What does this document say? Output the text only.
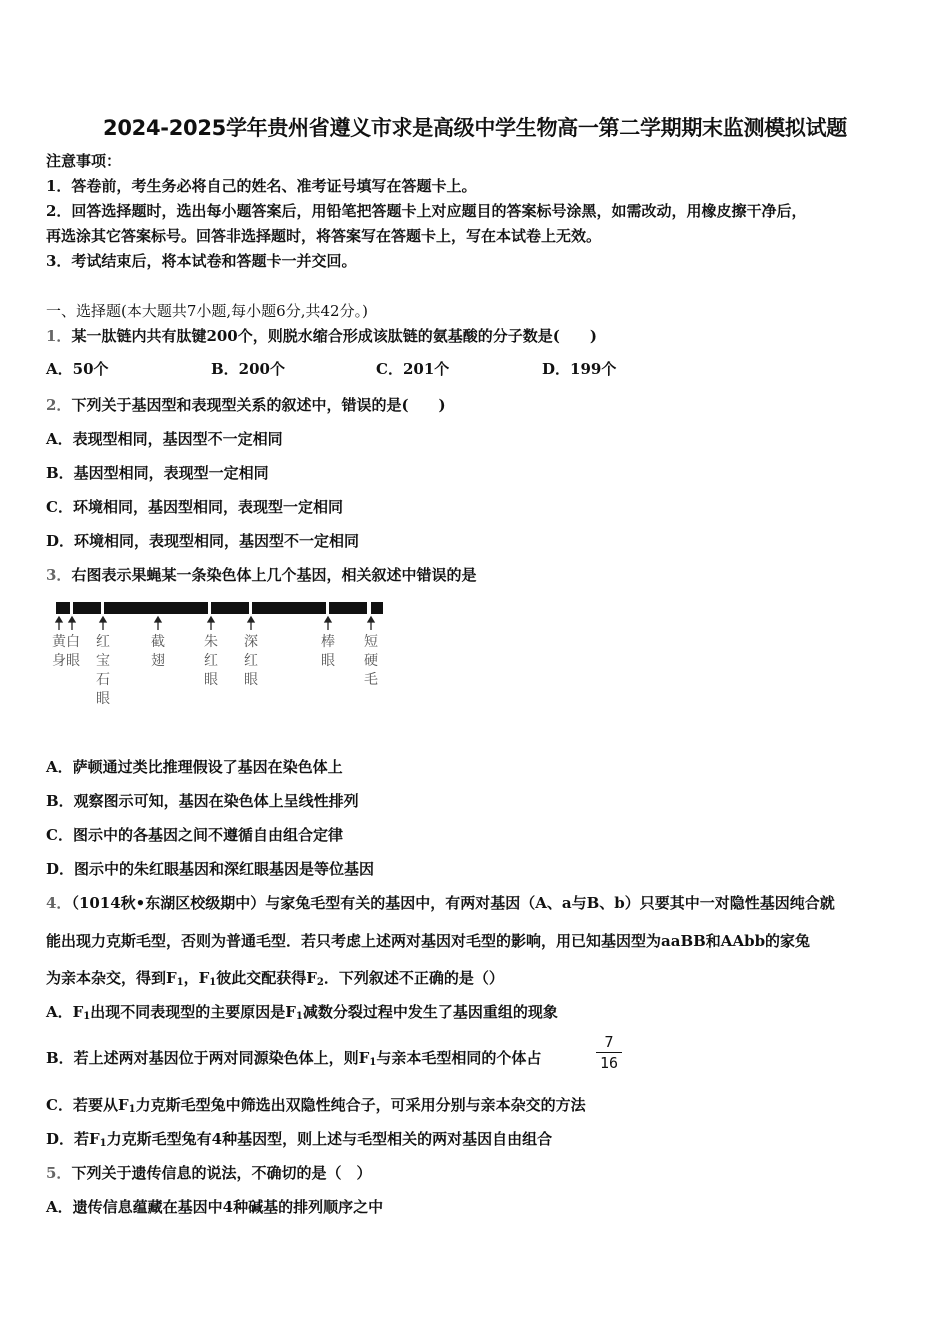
2024-2025学年贵州省遵义市求是高级中学生物高一第二学期期末监测模拟试题
注意事项：
1．答卷前，考生务必将自己的姓名、准考证号填写在答题卡上。
2．回答选择题时，选出每小题答案后，用铅笔把答题卡上对应题目的答案标号涂黑，如需改动，用橡皮擦干净后，
再选涂其它答案标号。回答非选择题时，将答案写在答题卡上，写在本试卷上无效。
3．考试结束后，将本试卷和答题卡一并交回。
一、选择题(本大题共7小题,每小题6分,共42分。)
1．某一肽链内共有肽键200个，则脱水缩合形成该肽链的氨基酸的分子数是(　　)
A．50个	B．200个	C．201个	D．199个
2．下列关于基因型和表现型关系的叙述中，错误的是(　　)
A．表现型相同，基因型不一定相同
B．基因型相同，表现型一定相同
C．环境相同，基因型相同，表现型一定相同
D．环境相同，表现型相同，基因型不一定相同
3．右图表示果蝇某一条染色体上几个基因，相关叙述中错误的是
黄身
白眼
红宝石眼
截翅
朱红眼
深红眼
棒眼
短硬毛
A．萨顿通过类比推理假设了基因在染色体上
B．观察图示可知，基因在染色体上呈线性排列
C．图示中的各基因之间不遵循自由组合定律
D．图示中的朱红眼基因和深红眼基因是等位基因
4．（1014秋•东湖区校级期中）与家兔毛型有关的基因中，有两对基因（A、a与B、b）只要其中一对隐性基因纯合就
能出现力克斯毛型，否则为普通毛型．若只考虑上述两对基因对毛型的影响，用已知基因型为aaBB和AAbb的家兔
为亲本杂交，得到$F_1$，$F_1$彼此交配获得$F_2$．下列叙述不正确的是（）
A．$F_1$出现不同表现型的主要原因是$F_1$减数分裂过程中发生了基因重组的现象
B．若上述两对基因位于两对同源染色体上，则$F_1$与亲本毛型相同的个体占
7
16
C．若要从$F_1$力克斯毛型兔中筛选出双隐性纯合子，可采用分别与亲本杂交的方法
D．若$F_1$力克斯毛型兔有4种基因型，则上述与毛型相关的两对基因自由组合
5．下列关于遗传信息的说法，不确切的是（　）
A．遗传信息蕴藏在基因中4种碱基的排列顺序之中
